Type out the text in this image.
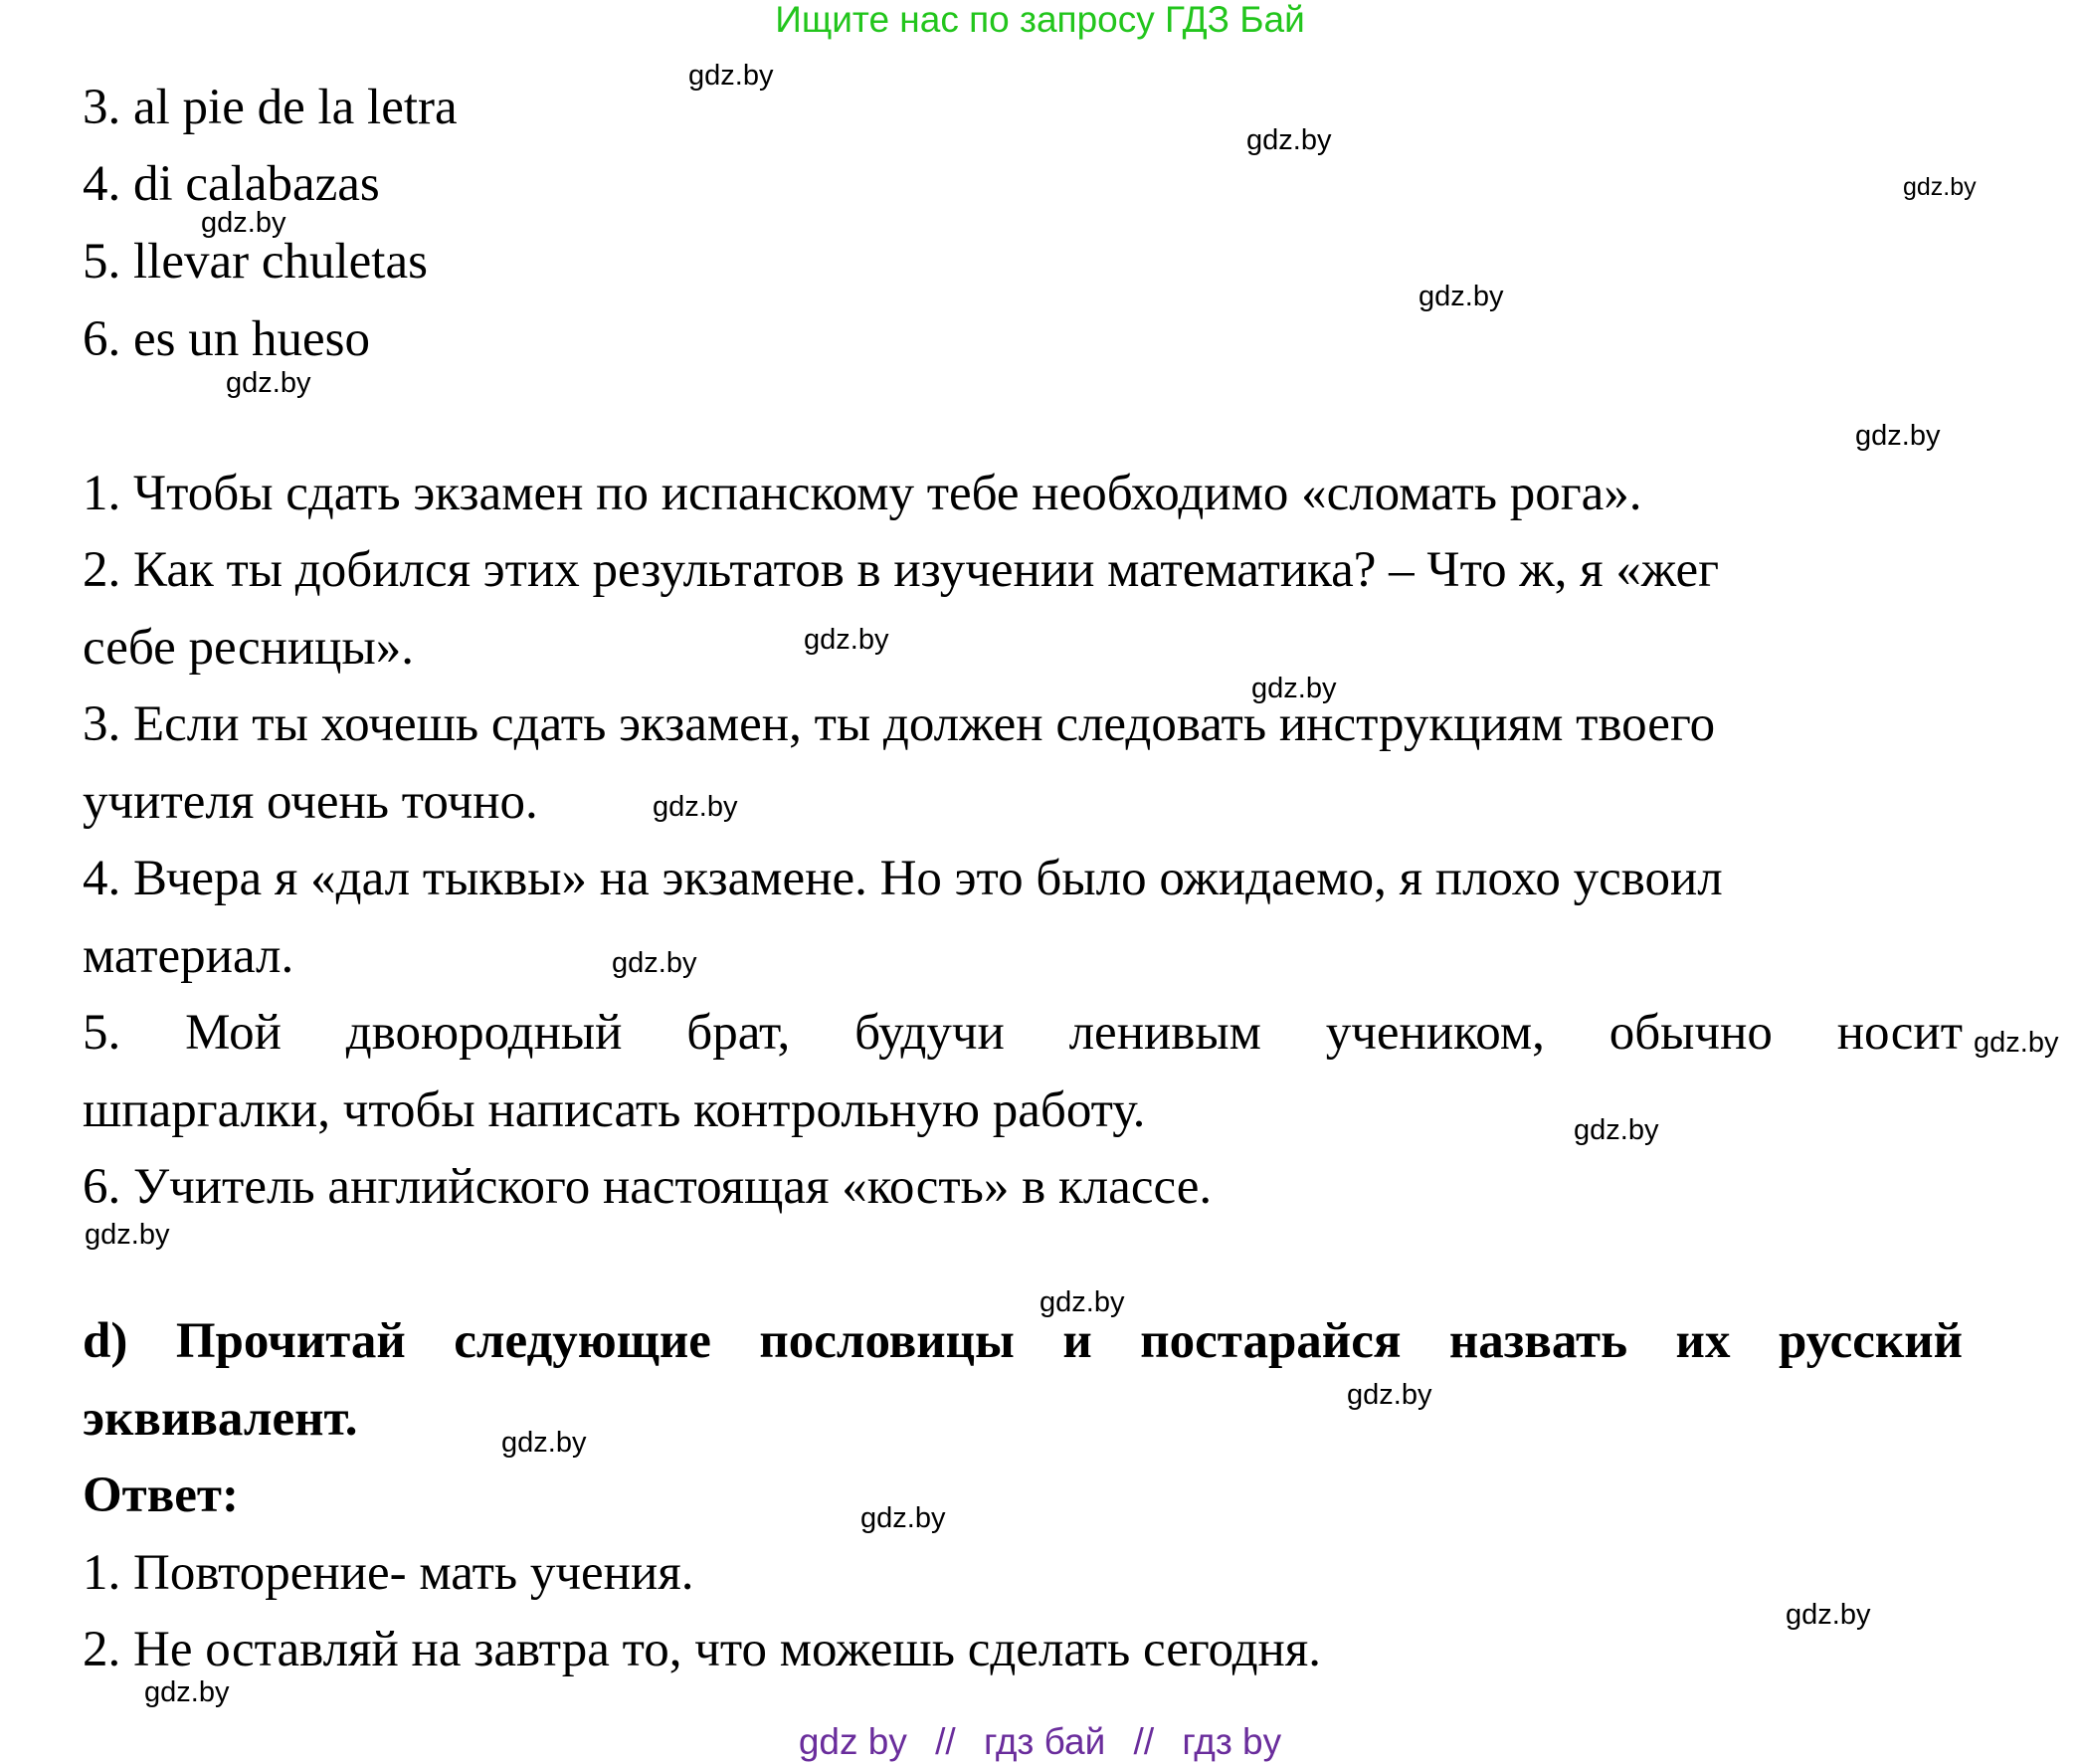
Ищите нас по запросу ГДЗ Бай
3. al pie de la letra
4. di calabazas
5. llevar chuletas
6. es un hueso
1. Чтобы сдать экзамен по испанскому тебе необходимо «сломать рога».
2. Как ты добился этих результатов в изучении математика? – Что ж, я «жег
себе ресницы».
3. Если ты хочешь сдать экзамен, ты должен следовать инструкциям твоего
учителя очень точно.
4. Вчера я «дал тыквы» на экзамене. Но это было ожидаемо, я плохо усвоил
материал.
5. Мой двоюродный брат, будучи ленивым учеником, обычно носит
шпаргалки, чтобы написать контрольную работу.
6. Учитель английского настоящая «кость» в классе.
d) Прочитай следующие пословицы и постарайся назвать их русский
эквивалент.
Ответ:
1. Повторение- мать учения.
2. Не оставляй на завтра то, что можешь сделать сегодня.
gdz.by
gdz.by
gdz.by
gdz.by
gdz.by
gdz.by
gdz.by
gdz.by
gdz.by
gdz.by
gdz.by
gdz.by
gdz.by
gdz.by
gdz.by
gdz.by
gdz.by
gdz.by
gdz.by
gdz.by
gdz by // гдз бай // гдз by
